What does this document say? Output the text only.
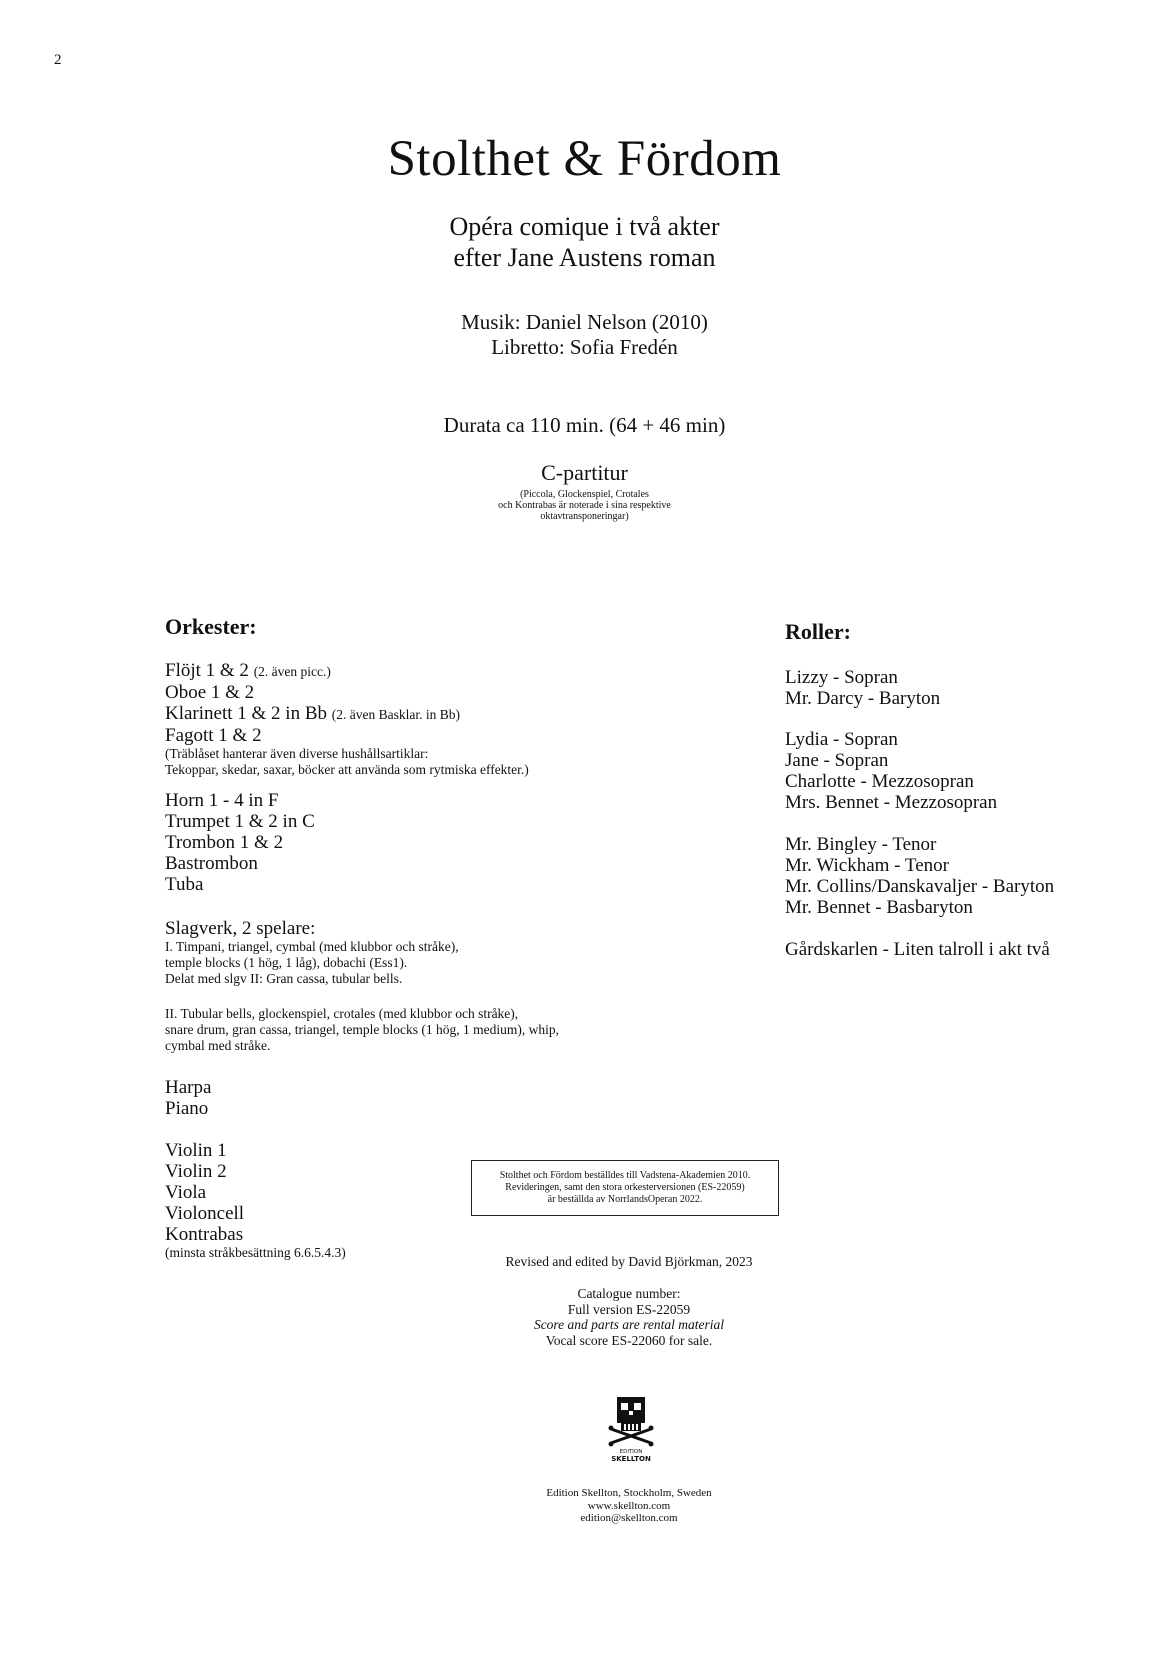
2
Stolthet & Fördom
Opéra comique i två akter
efter Jane Austens roman
Musik: Daniel Nelson (2010)
Libretto: Sofia Fredén
Durata ca 110 min. (64 + 46 min)
C-partitur
(Piccola, Glockenspiel, Crotales
och Kontrabas är noterade i sina respektive
oktavtransponeringar)
Orkester:
Flöjt 1 & 2 (2. även picc.)
Oboe 1 & 2
Klarinett 1 & 2 in Bb (2. även Basklar. in Bb)
Fagott 1 & 2
(Träblåset hanterar även diverse hushållsartiklar:
Tekoppar, skedar, saxar, böcker att använda som rytmiska effekter.)
Horn 1 - 4 in F
Trumpet 1 & 2 in C
Trombon 1 & 2
Bastrombon
Tuba
Slagverk, 2 spelare:
I. Timpani, triangel, cymbal (med klubbor och stråke),
temple blocks (1 hög, 1 låg), dobachi (Ess1).
Delat med slgv II: Gran cassa, tubular bells.
II. Tubular bells, glockenspiel, crotales (med klubbor och stråke),
snare drum, gran cassa, triangel, temple blocks (1 hög, 1 medium), whip,
cymbal med stråke.
Harpa
Piano
Violin 1
Violin 2
Viola
Violoncell
Kontrabas
(minsta stråkbesättning 6.6.5.4.3)
Roller:
Lizzy - Sopran
Mr. Darcy - Baryton
Lydia - Sopran
Jane - Sopran
Charlotte - Mezzosopran
Mrs. Bennet - Mezzosopran
Mr. Bingley - Tenor
Mr. Wickham - Tenor
Mr. Collins/Danskavaljer - Baryton
Mr. Bennet - Basbaryton
Gårdskarlen - Liten talroll i akt två
Stolthet och Fördom beställdes till Vadstena-Akademien 2010.
Revideringen, samt den stora orkesterversionen (ES-22059)
är beställda av NorrlandsOperan 2022.
Revised and edited by David Björkman, 2023
Catalogue number:
Full version ES-22059
Score and parts are rental material
Vocal score ES-22060 for sale.
EDITION
SKELLTON
Edition Skellton, Stockholm, Sweden
www.skellton.com
edition@skellton.com
